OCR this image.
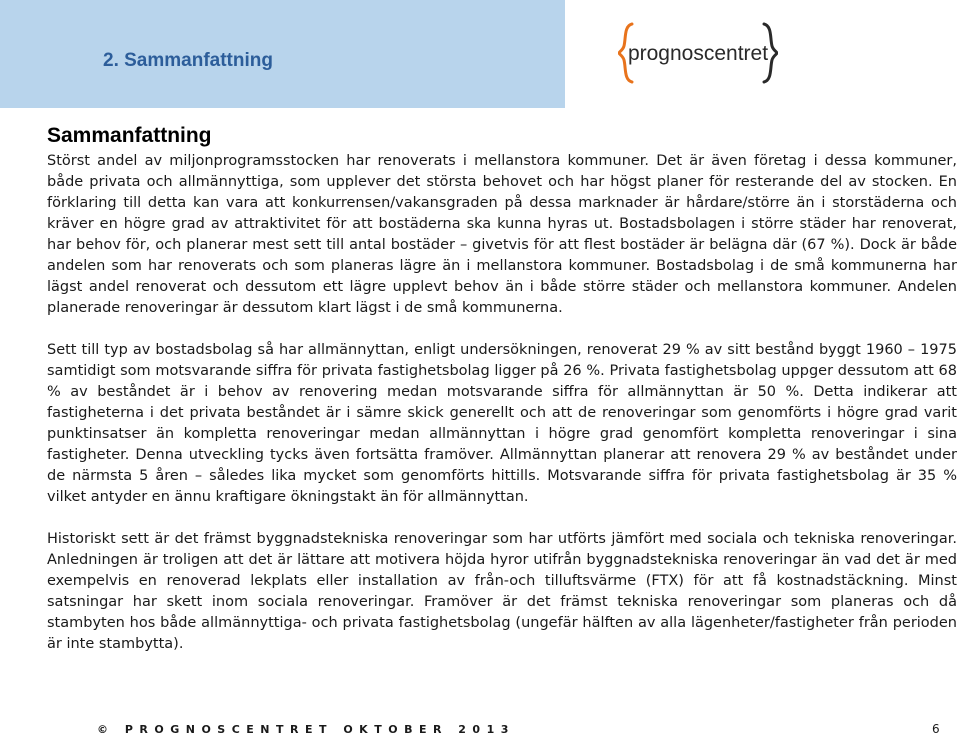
2. Sammanfattning	prognoscentret
Sammanfattning

Störst andel av miljonprogramsstocken har renoverats i mellanstora kommuner. Det är även företag i dessa kommuner, både privata och allmännyttiga, som upplever det största behovet och har högst planer för resterande del av stocken. En förklaring till detta kan vara att konkurrensen/vakansgraden på dessa marknader är hårdare/större än i storstäderna och kräver en högre grad av attraktivitet för att bostäderna ska kunna hyras ut. Bostadsbolagen i större städer har renoverat, har behov för, och planerar mest sett till antal bostäder – givetvis för att flest bostäder är belägna där (67 %). Dock är både andelen som har renoverats och som planeras lägre än i mellanstora kommuner. Bostadsbolag i de små kommunerna har lägst andel renoverat och dessutom ett lägre upplevt behov än i både större städer och mellanstora kommuner. Andelen planerade renoveringar är dessutom klart lägst i de små kommunerna.

Sett till typ av bostadsbolag så har allmännyttan, enligt undersökningen, renoverat 29 % av sitt bestånd byggt 1960 – 1975 samtidigt som motsvarande siffra för privata fastighetsbolag ligger på 26 %. Privata fastighetsbolag uppger dessutom att 68 % av beståndet är i behov av renovering medan motsvarande siffra för allmännyttan är 50 %. Detta indikerar att fastigheterna i det privata beståndet är i sämre skick generellt och att de renoveringar som genomförts i högre grad varit punktinsatser än kompletta renoveringar medan allmännyttan i högre grad genomfört kompletta renoveringar i sina fastigheter. Denna utveckling tycks även fortsätta framöver. Allmännyttan planerar att renovera 29 % av beståndet under de närmsta 5 åren – således lika mycket som genomförts hittills. Motsvarande siffra för privata fastighetsbolag är 35 % vilket antyder en ännu kraftigare ökningstakt än för allmännyttan.

Historiskt sett är det främst byggnadstekniska renoveringar som har utförts jämfört med sociala och tekniska renoveringar. Anledningen är troligen att det är lättare att motivera höjda hyror utifrån byggnadstekniska renoveringar än vad det är med exempelvis en renoverad lekplats eller installation av från-och tilluftsvärme (FTX) för att få kostnadstäckning. Minst satsningar har skett inom sociala renoveringar. Framöver är det främst tekniska renoveringar som planeras och då stambyten hos både allmännyttiga- och privata fastighetsbolag (ungefär hälften av alla lägenheter/fastigheter från perioden är inte stambytta).

© PROGNOSCENTRET OKTOBER 2013	6
